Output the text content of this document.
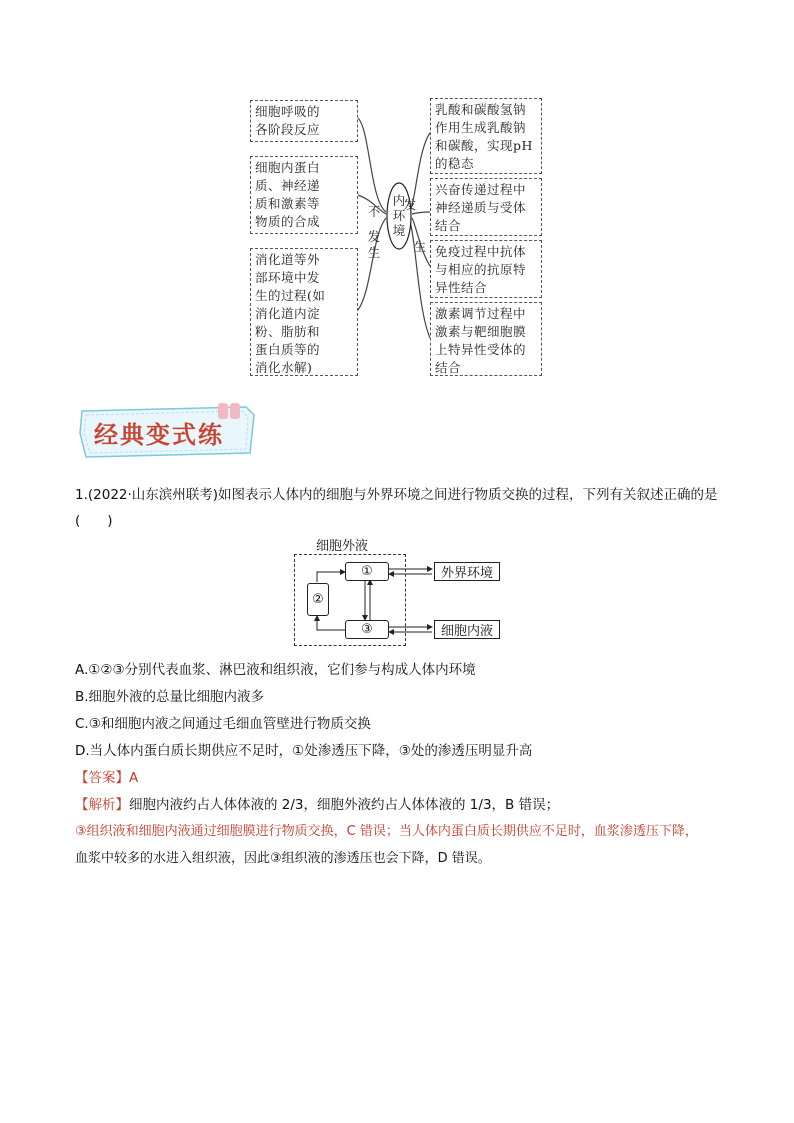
内
环
境
不
发
生
发
生
细胞呼吸的
各阶段反应
细胞内蛋白
质、神经递
质和激素等
物质的合成
消化道等外
部环境中发
生的过程(如
消化道内淀
粉、脂肪和
蛋白质等的
消化水解)
乳酸和碳酸氢钠
作用生成乳酸钠
和碳酸，实现pH
的稳态
兴奋传递过程中
神经递质与受体
结合
免疫过程中抗体
与相应的抗原特
异性结合
激素调节过程中
激素与靶细胞膜
上特异性受体的
结合
经典变式练
1.(2022·山东滨州联考)如图表示人体内的细胞与外界环境之间进行物质交换的过程，下列有关叙述正确的是
(　　)
细胞外液
①
②
③
外界环境
细胞内液
A.①②③分别代表血浆、淋巴液和组织液，它们参与构成人体内环境
B.细胞外液的总量比细胞内液多
C.③和细胞内液之间通过毛细血管壁进行物质交换
D.当人体内蛋白质长期供应不足时，①处渗透压下降，③处的渗透压明显升高
【答案】A
【解析】细胞内液约占人体体液的 2/3，细胞外液约占人体体液的 1/3，B 错误；
③组织液和细胞内液通过细胞膜进行物质交换，C 错误；当人体内蛋白质长期供应不足时，血浆渗透压下降，
血浆中较多的水进入组织液，因此③组织液的渗透压也会下降，D 错误。
